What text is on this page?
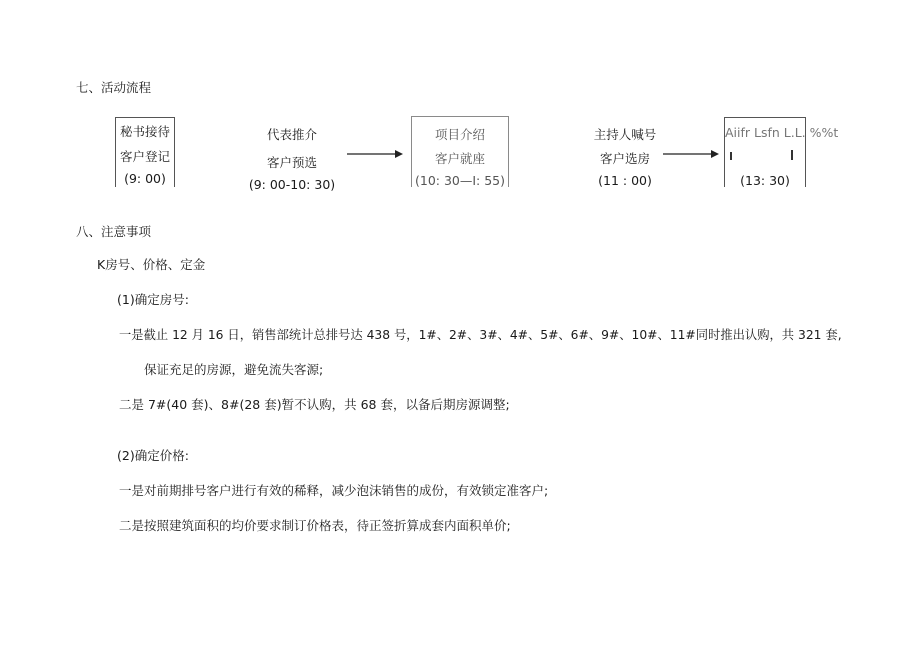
七、活动流程
秘书接待
客户登记
(9: 00)
代表推介
客户预选
(9: 00-10: 30)
项目介绍
客户就座
(10: 30—I: 55)
主持人喊号
客户选房
(11 : 00)
Aiifr Lsfn L.L. %%t
(13: 30)
八、注意事项
K房号、价格、定金
(1)确定房号:
一是截止 12 月 16 日，销售部统计总排号达 438 号，1#、2#、3#、4#、5#、6#、9#、10#、11#同时推出认购，共 321 套,
保证充足的房源，避免流失客源;
二是 7#(40 套)、8#(28 套)暂不认购，共 68 套，以备后期房源调整;
(2)确定价格:
一是对前期排号客户进行有效的稀释，减少泡沫销售的成份，有效锁定准客户;
二是按照建筑面积的均价要求制订价格表，待正签折算成套内面积单价;
